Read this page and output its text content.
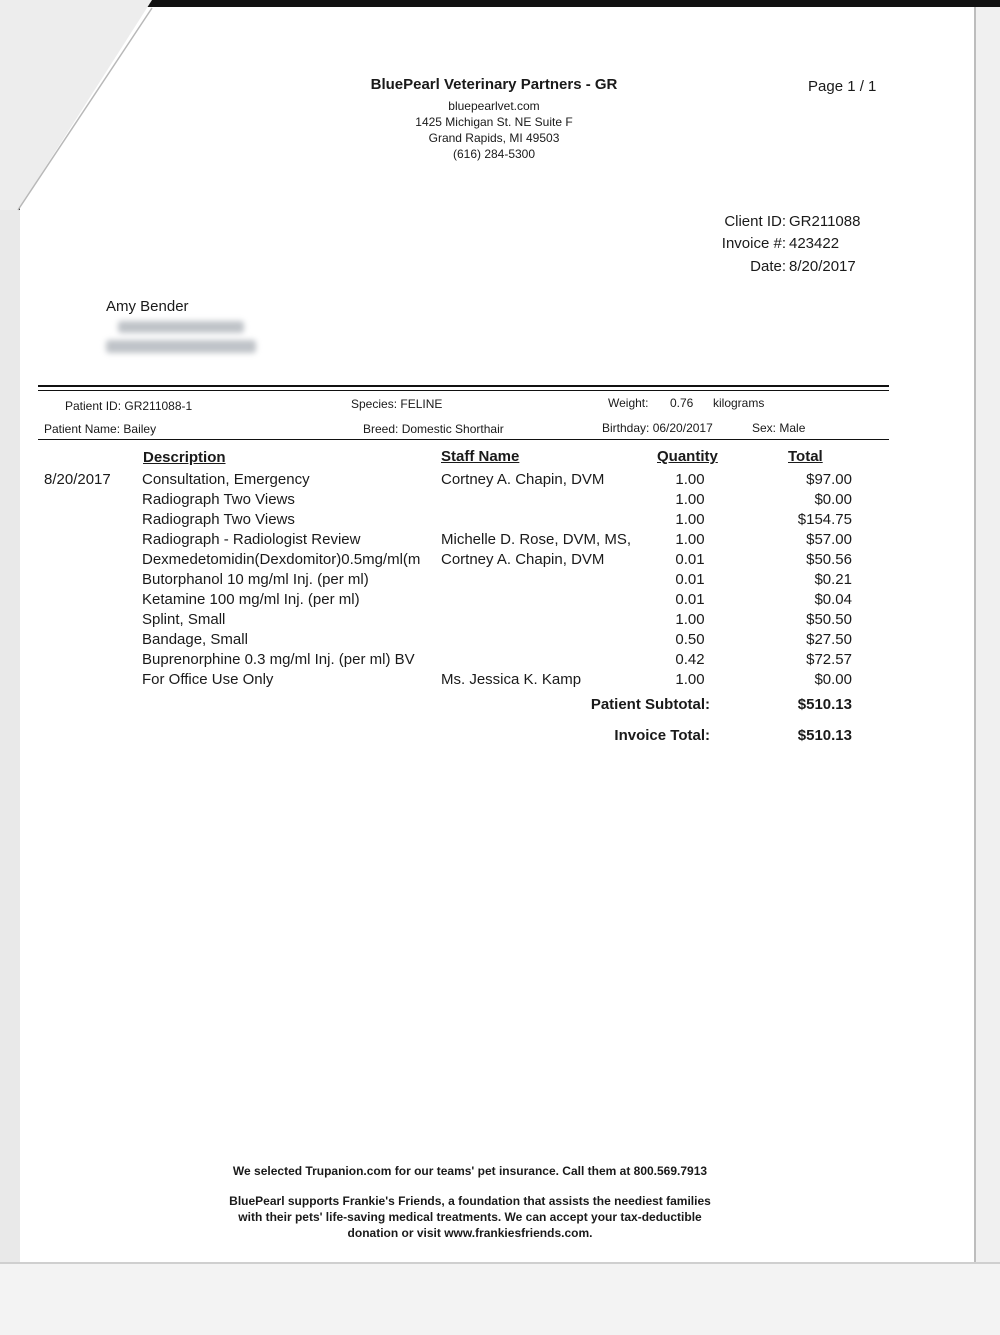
BluePearl Veterinary Partners - GR
bluepearlvet.com
1425 Michigan St. NE Suite F
Grand Rapids, MI 49503
(616) 284-5300
Page 1 / 1
Client ID: GR211088
Invoice #: 423422
Date: 8/20/2017
Amy Bender
Patient ID: GR211088-1	Species: FELINE	Weight: 0.76 kilograms
Patient Name: Bailey	Breed: Domestic Shorthair	Birthday: 06/20/2017	Sex: Male
Description	Staff Name	Quantity	Total
8/20/2017 Consultation, Emergency	Cortney A. Chapin, DVM	1.00	$97.00
Radiograph Two Views	1.00	$0.00
Radiograph Two Views	1.00	$154.75
Radiograph - Radiologist Review	Michelle D. Rose, DVM, MS,	1.00	$57.00
Dexmedetomidin(Dexdomitor)0.5mg/ml(m	Cortney A. Chapin, DVM	0.01	$50.56
Butorphanol 10 mg/ml Inj. (per ml)	0.01	$0.21
Ketamine 100 mg/ml Inj. (per ml)	0.01	$0.04
Splint, Small	1.00	$50.50
Bandage, Small	0.50	$27.50
Buprenorphine 0.3 mg/ml Inj. (per ml) BV	0.42	$72.57
For Office Use Only	Ms. Jessica K. Kamp	1.00	$0.00
Patient Subtotal:	$510.13
Invoice Total:	$510.13
We selected Trupanion.com for our teams' pet insurance. Call them at 800.569.7913
BluePearl supports Frankie's Friends, a foundation that assists the neediest families
with their pets' life-saving medical treatments. We can accept your tax-deductible
donation or visit www.frankiesfriends.com.
